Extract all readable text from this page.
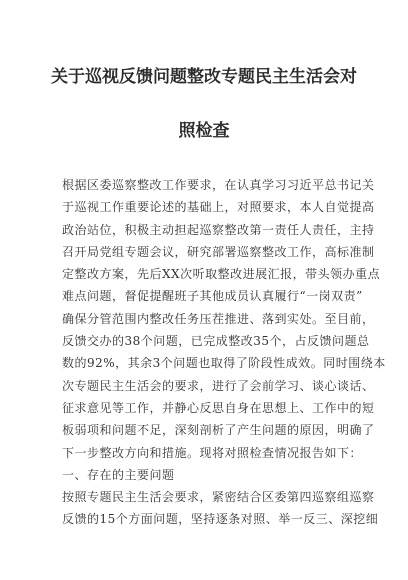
关于巡视反馈问题整改专题民主生活会对
照检查
根据区委巡察整改工作要求，在认真学习习近平总书记关
于巡视工作重要论述的基础上，对照要求，本人自觉提高
政治站位，积极主动担起巡察整改第一责任人责任，主持
召开局党组专题会议，研究部署巡察整改工作，高标准制
定整改方案，先后XX次听取整改进展汇报，带头领办重点
难点问题，督促提醒班子其他成员认真履行“一岗双责”
确保分管范围内整改任务压茬推进、落到实处。至目前，
反馈交办的38个问题，已完成整改35个，占反馈问题总
数的92%，其余3个问题也取得了阶段性成效。同时围绕本
次专题民主生活会的要求，进行了会前学习、谈心谈话、
征求意见等工作，并静心反思自身在思想上、工作中的短
板弱项和问题不足，深刻剖析了产生问题的原因，明确了
下一步整改方向和措施。现将对照检查情况报告如下：
一、存在的主要问题
按照专题民主生活会要求，紧密结合区委第四巡察组巡察
反馈的15个方面问题，坚持逐条对照、举一反三、深挖细
